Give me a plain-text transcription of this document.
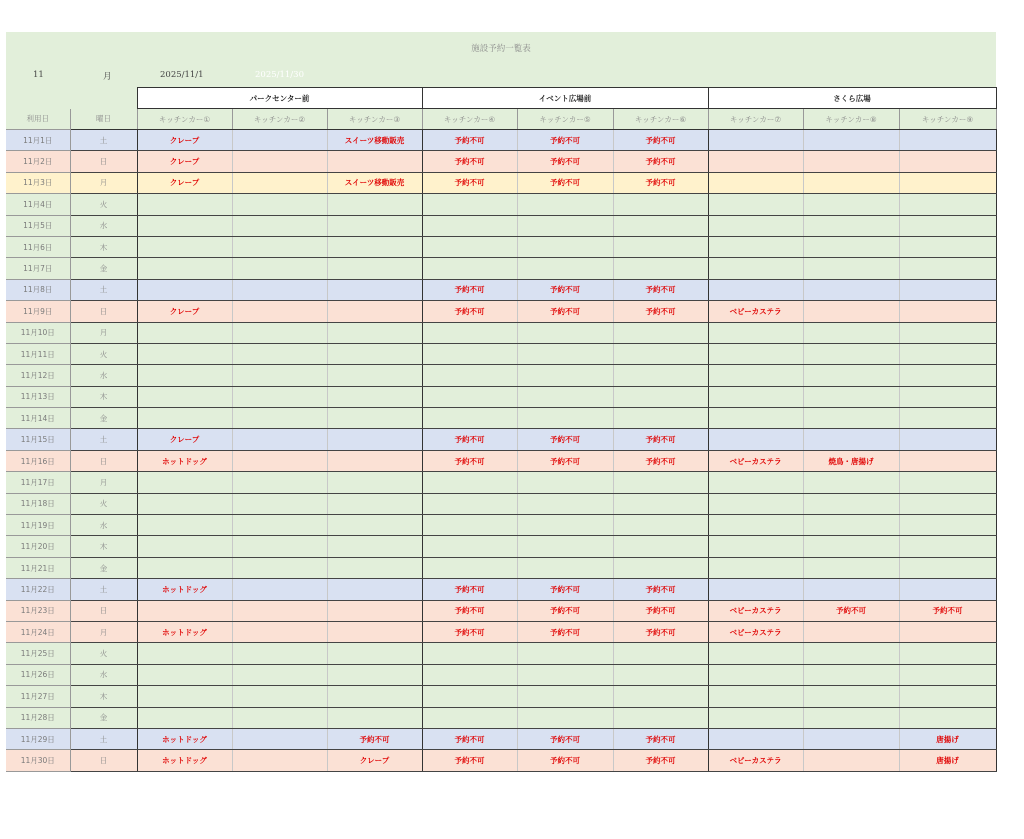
施設予約一覧表
11	月	2025/11/1	2025/11/30
		パークセンター前			イベント広場前			さくら広場		
利用日	曜日	キッチンカー①	キッチンカー②	キッチンカー③	キッチンカー④	キッチンカー⑤	キッチンカー⑥	キッチンカー⑦	キッチンカー⑧	キッチンカー⑨
11月1日	土	クレープ		スイーツ移動販売	予約不可	予約不可	予約不可			
11月2日	日	クレープ			予約不可	予約不可	予約不可			
11月3日	月	クレープ		スイーツ移動販売	予約不可	予約不可	予約不可			
11月4日	火									
11月5日	水									
11月6日	木									
11月7日	金									
11月8日	土				予約不可	予約不可	予約不可			
11月9日	日	クレープ			予約不可	予約不可	予約不可	ベビーカステラ		
11月10日	月									
11月11日	火									
11月12日	水									
11月13日	木									
11月14日	金									
11月15日	土	クレープ			予約不可	予約不可	予約不可			
11月16日	日	ホットドッグ			予約不可	予約不可	予約不可	ベビーカステラ	焼鳥・唐揚げ	
11月17日	月									
11月18日	火									
11月19日	水									
11月20日	木									
11月21日	金									
11月22日	土	ホットドッグ			予約不可	予約不可	予約不可			
11月23日	日				予約不可	予約不可	予約不可	ベビーカステラ	予約不可	予約不可
11月24日	月	ホットドッグ			予約不可	予約不可	予約不可	ベビーカステラ		
11月25日	火									
11月26日	水									
11月27日	木									
11月28日	金									
11月29日	土	ホットドッグ		予約不可	予約不可	予約不可	予約不可			唐揚げ
11月30日	日	ホットドッグ		クレープ	予約不可	予約不可	予約不可	ベビーカステラ		唐揚げ
